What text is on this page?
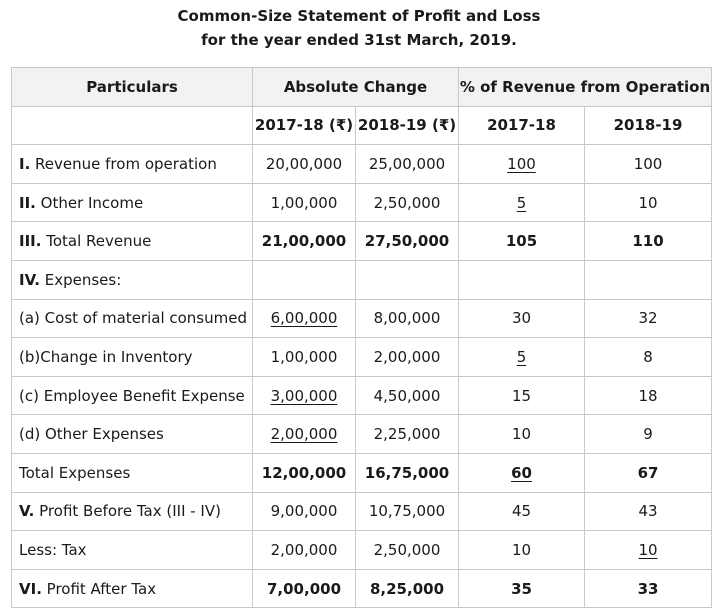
Common-Size Statement of Profit and Loss
for the year ended 31st March, 2019.
Particulars	Absolute Change		% of Revenue from Operation	
	2017-18 (₹)	2018-19 (₹)	2017-18	2018-19
I. Revenue from operation	20,00,000	25,00,000	100	100
II. Other Income	1,00,000	2,50,000	5	10
III. Total Revenue	21,00,000	27,50,000	105	110
IV. Expenses:				
(a) Cost of material consumed	6,00,000	8,00,000	30	32
(b)Change in Inventory	1,00,000	2,00,000	5	8
(c) Employee Benefit Expense	3,00,000	4,50,000	15	18
(d) Other Expenses	2,00,000	2,25,000	10	9
Total Expenses	12,00,000	16,75,000	60	67
V. Profit Before Tax (III - IV)	9,00,000	10,75,000	45	43
Less: Tax	2,00,000	2,50,000	10	10
VI. Profit After Tax	7,00,000	8,25,000	35	33
